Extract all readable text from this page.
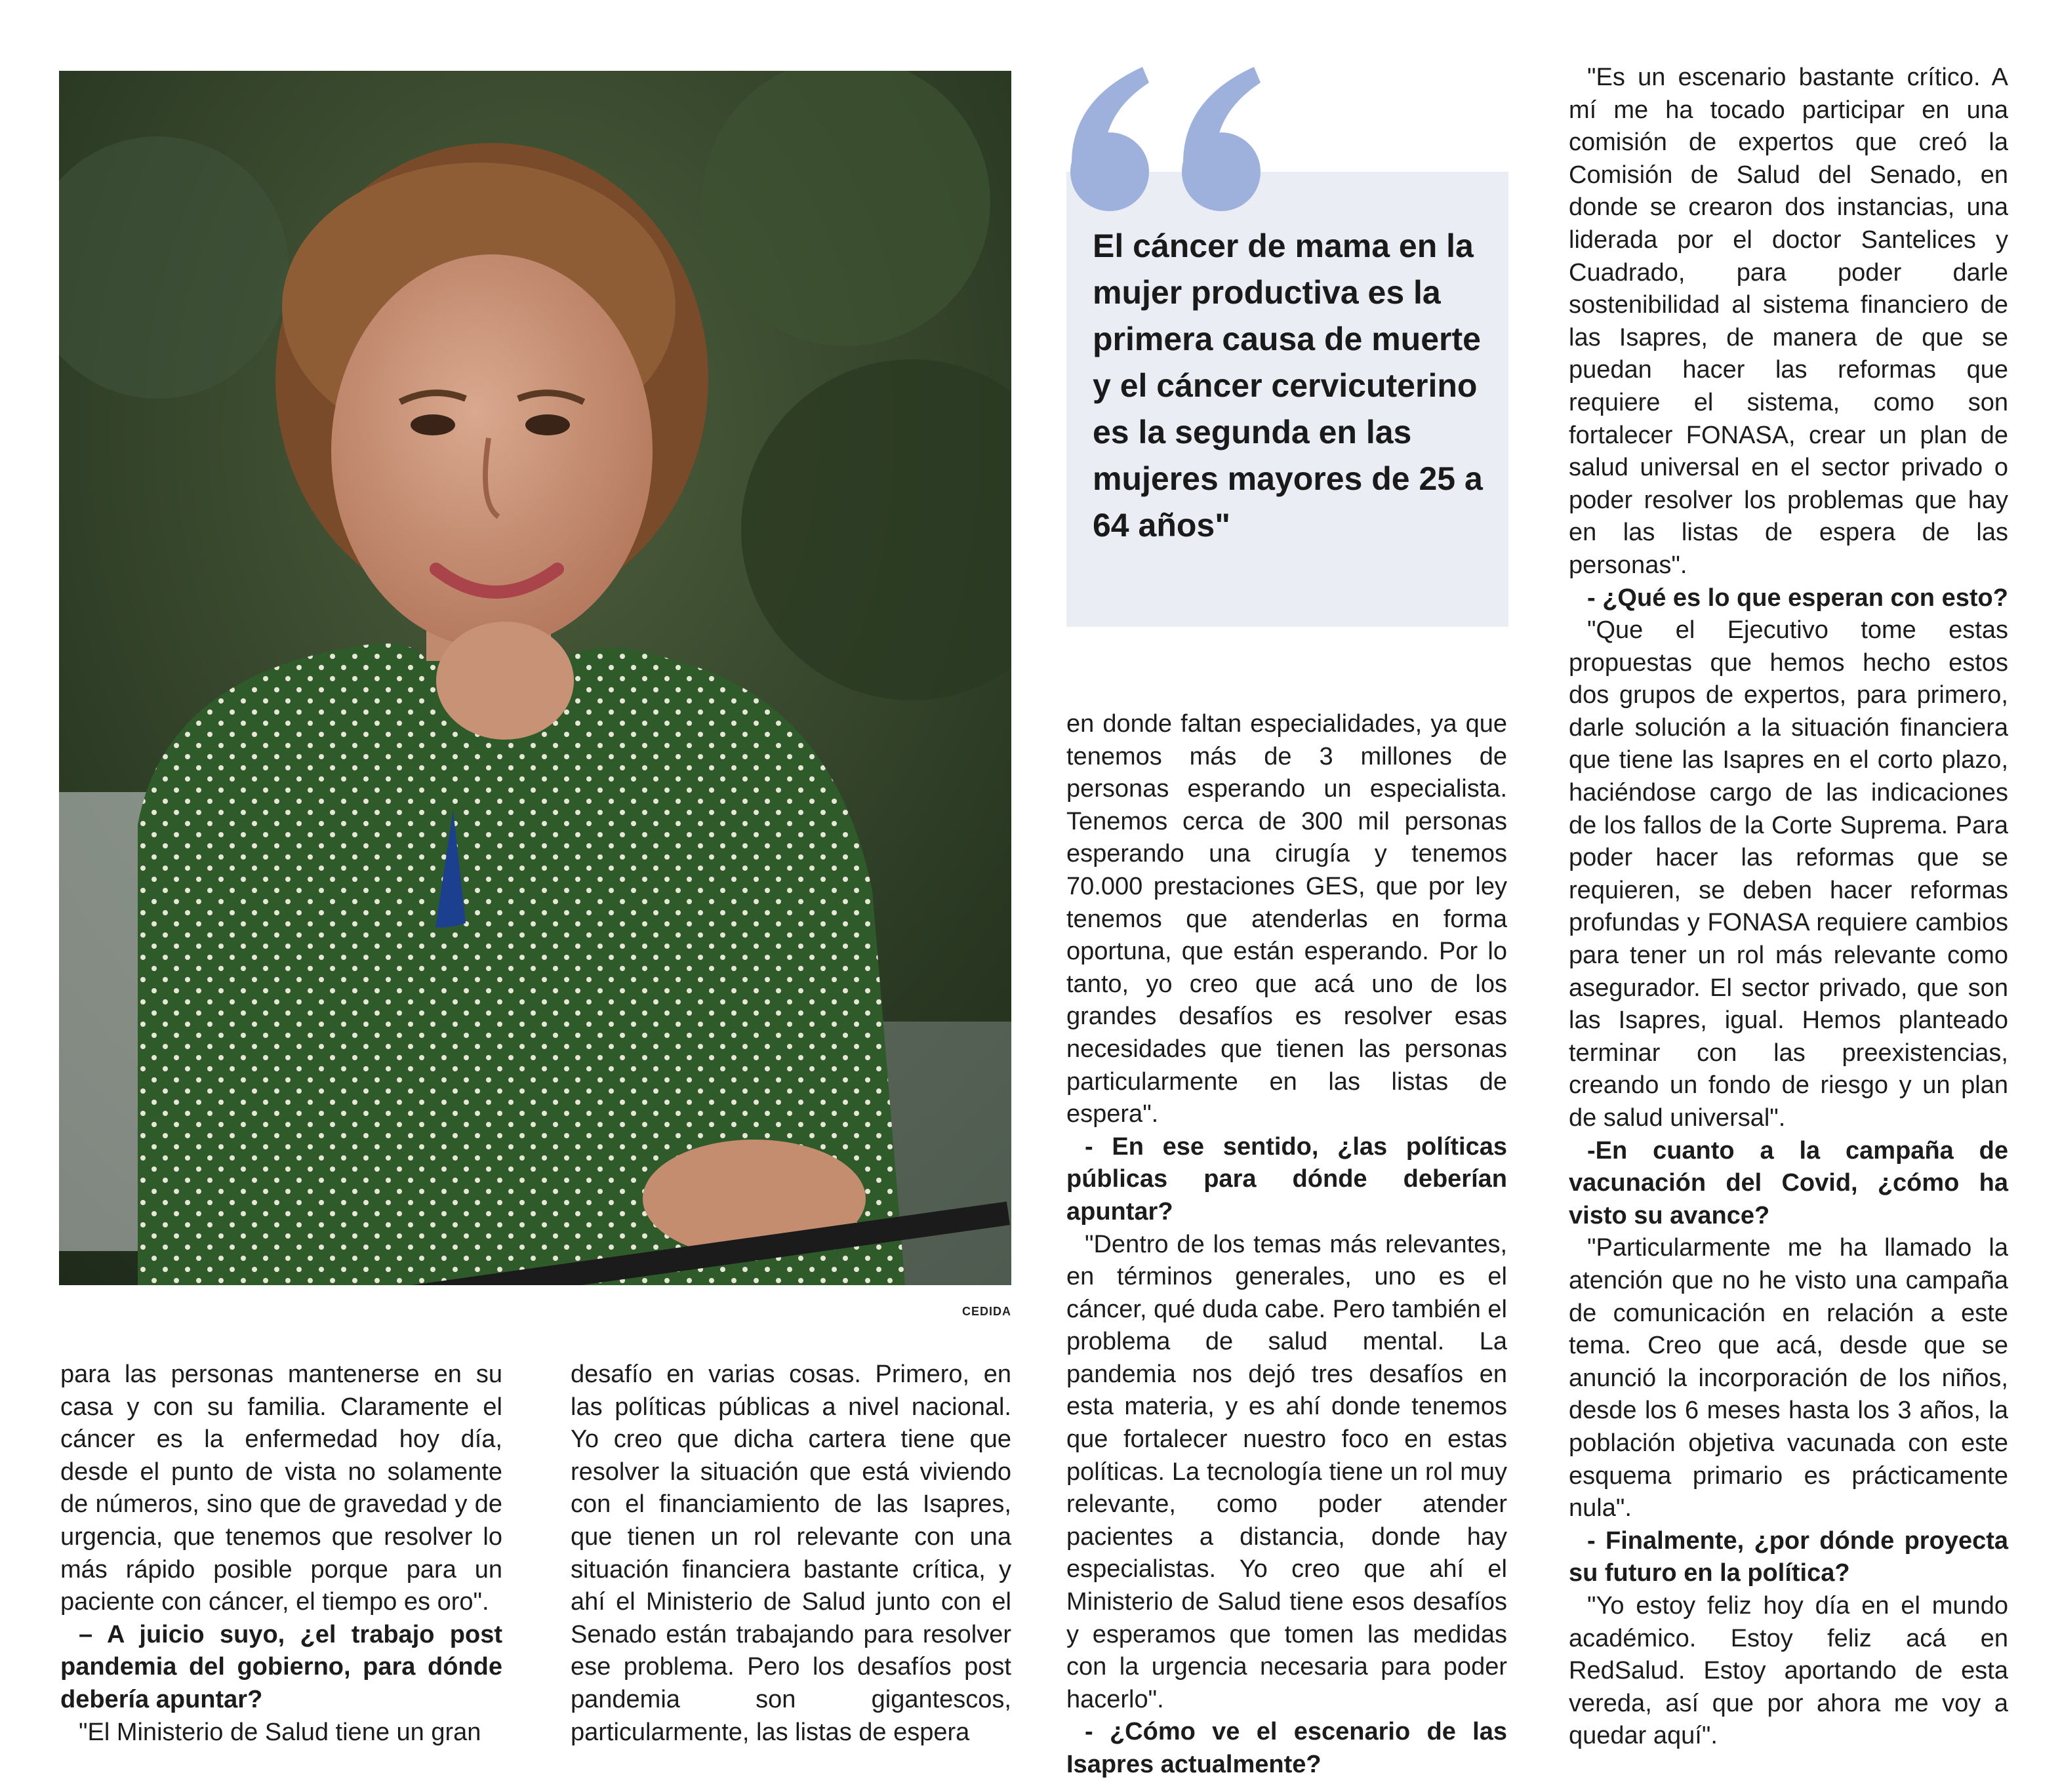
CEDIDA
El cáncer de mama en la mujer productiva es la primera causa de muerte y el cáncer cervicuterino es la segunda en las mujeres mayores de 25 a 64 años"

para las personas mantenerse en su casa y con su familia. Claramente el cáncer es la enfermedad hoy día, desde el punto de vista no solamente de números, sino que de gravedad y de urgencia, que tenemos que resolver lo más rápido posible porque para un paciente con cáncer, el tiempo es oro".

– A juicio suyo, ¿el trabajo post pandemia del gobierno, para dónde debería apuntar?

"El Ministerio de Salud tiene un gran

desafío en varias cosas. Primero, en las políticas públicas a nivel nacional. Yo creo que dicha cartera tiene que resolver la situación que está viviendo con el financiamiento de las Isapres, que tienen un rol relevante con una situación financiera bastante crítica, y ahí el Ministerio de Salud junto con el Senado están trabajando para resolver ese problema. Pero los desafíos post pandemia son gigantescos, particularmente, las listas de espera

en donde faltan especialidades, ya que tenemos más de 3 millones de personas esperando un especialista. Tenemos cerca de 300 mil personas esperando una cirugía y tenemos 70.000 prestaciones GES, que por ley tenemos que atenderlas en forma oportuna, que están esperando. Por lo tanto, yo creo que acá uno de los grandes desafíos es resolver esas necesidades que tienen las personas particularmente en las listas de espera".

- En ese sentido, ¿las políticas públicas para dónde deberían apuntar?

"Dentro de los temas más relevantes, en términos generales, uno es el cáncer, qué duda cabe. Pero también el problema de salud mental. La pandemia nos dejó tres desafíos en esta materia, y es ahí donde tenemos que fortalecer nuestro foco en estas políticas. La tecnología tiene un rol muy relevante, como poder atender pacientes a distancia, donde hay especialistas. Yo creo que ahí el Ministerio de Salud tiene esos desafíos y esperamos que tomen las medidas con la urgencia necesaria para poder hacerlo".

- ¿Cómo ve el escenario de las Isapres actualmente?

"Es un escenario bastante crítico. A mí me ha tocado participar en una comisión de expertos que creó la Comisión de Salud del Senado, en donde se crearon dos instancias, una liderada por el doctor Santelices y Cuadrado, para poder darle sostenibilidad al sistema financiero de las Isapres, de manera de que se puedan hacer las reformas que requiere el sistema, como son fortalecer FONASA, crear un plan de salud universal en el sector privado o poder resolver los problemas que hay en las listas de espera de las personas".

- ¿Qué es lo que esperan con esto?

"Que el Ejecutivo tome estas propuestas que hemos hecho estos dos grupos de expertos, para primero, darle solución a la situación financiera que tiene las Isapres en el corto plazo, haciéndose cargo de las indicaciones de los fallos de la Corte Suprema. Para poder hacer las reformas que se requieren, se deben hacer reformas profundas y FONASA requiere cambios para tener un rol más relevante como asegurador. El sector privado, que son las Isapres, igual. Hemos planteado terminar con las preexistencias, creando un fondo de riesgo y un plan de salud universal".

-En cuanto a la campaña de vacunación del Covid, ¿cómo ha visto su avance?

"Particularmente me ha llamado la atención que no he visto una campaña de comunicación en relación a este tema. Creo que acá, desde que se anunció la incorporación de los niños, desde los 6 meses hasta los 3 años, la población objetiva vacunada con este esquema primario es prácticamente nula".

- Finalmente, ¿por dónde proyecta su futuro en la política?

"Yo estoy feliz hoy día en el mundo académico. Estoy feliz acá en RedSalud. Estoy aportando de esta vereda, así que por ahora me voy a quedar aquí".
